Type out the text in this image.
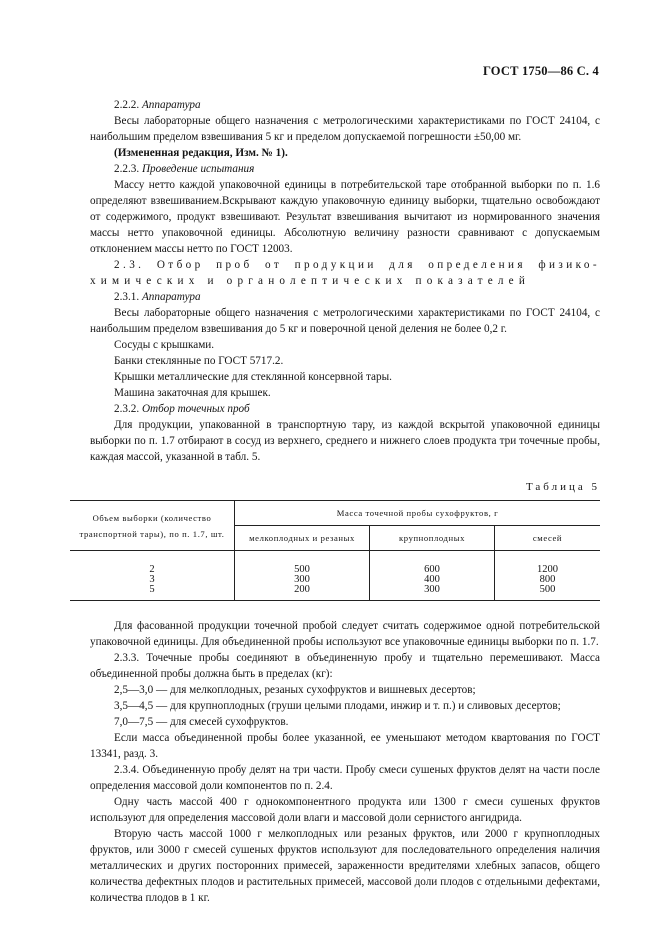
ГОСТ 1750—86 С. 4

2.2.2. Аппаратура

Весы лабораторные общего назначения с метрологическими характеристиками по ГОСТ 24104, с наибольшим пределом взвешивания 5 кг и пределом допускаемой погрешности ±50,00 мг.

(Измененная редакция, Изм. № 1).

2.2.3. Проведение испытания

Массу нетто каждой упаковочной единицы в потребительской таре отобранной выборки по п. 1.6 определяют взвешиванием.Вскрывают каждую упаковочную единицу выборки, тщательно освобождают от содержимого, продукт взвешивают. Результат взвешивания вычитают из нормированного значения массы нетто упаковочной единицы. Абсолютную величину разности сравнивают с допускаемым отклонением массы нетто по ГОСТ 12003.

2.3. Отбор проб от продукции для определения физико-

химических и органолептических показателей

2.3.1. Аппаратура

Весы лабораторные общего назначения с метрологическими характеристиками по ГОСТ 24104, с наибольшим пределом взвешивания до 5 кг и поверочной ценой деления не более 0,2 г.

Сосуды с крышками.

Банки стеклянные по ГОСТ 5717.2.

Крышки металлические для стеклянной консервной тары.

Машина закаточная для крышек.

2.3.2. Отбор точечных проб

Для продукции, упакованной в транспортную тару, из каждой вскрытой упаковочной единицы выборки по п. 1.7 отбирают в сосуд из верхнего, среднего и нижнего слоев продукта три точечные пробы, каждая массой, указанной в табл. 5.

Таблица 5
Объем выборки (количество транспортной тары), по п. 1.7, шт.	Масса точечной пробы сухофруктов, г		
	мелкоплодных и резаных	крупноплодных	смесей

2	500	600	1200
3	300	400	800
5	200	300	500

Для фасованной продукции точечной пробой следует считать содержимое одной потребительской упаковочной единицы. Для объединенной пробы используют все упаковочные единицы выборки по п. 1.7.

2.3.3. Точечные пробы соединяют в объединенную пробу и тщательно перемешивают. Масса объединенной пробы должна быть в пределах (кг):

2,5—3,0 — для мелкоплодных, резаных сухофруктов и вишневых десертов;

3,5—4,5 — для крупноплодных (груши целыми плодами, инжир и т. п.) и сливовых десертов;

7,0—7,5 — для смесей сухофруктов.

Если масса объединенной пробы более указанной, ее уменьшают методом квартования по ГОСТ 13341, разд. 3.

2.3.4. Объединенную пробу делят на три части. Пробу смеси сушеных фруктов делят на части после определения массовой доли компонентов по п. 2.4.

Одну часть массой 400 г однокомпонентного продукта или 1300 г смеси сушеных фруктов используют для определения массовой доли влаги и массовой доли сернистого ангидрида.

Вторую часть массой 1000 г мелкоплодных или резаных фруктов, или 2000 г крупноплодных фруктов, или 3000 г смесей сушеных фруктов используют для последовательного определения наличия металлических и других посторонних примесей, зараженности вредителями хлебных запасов, общего количества дефектных плодов и растительных примесей, массовой доли плодов с отдельными дефектами, количества плодов в 1 кг.
